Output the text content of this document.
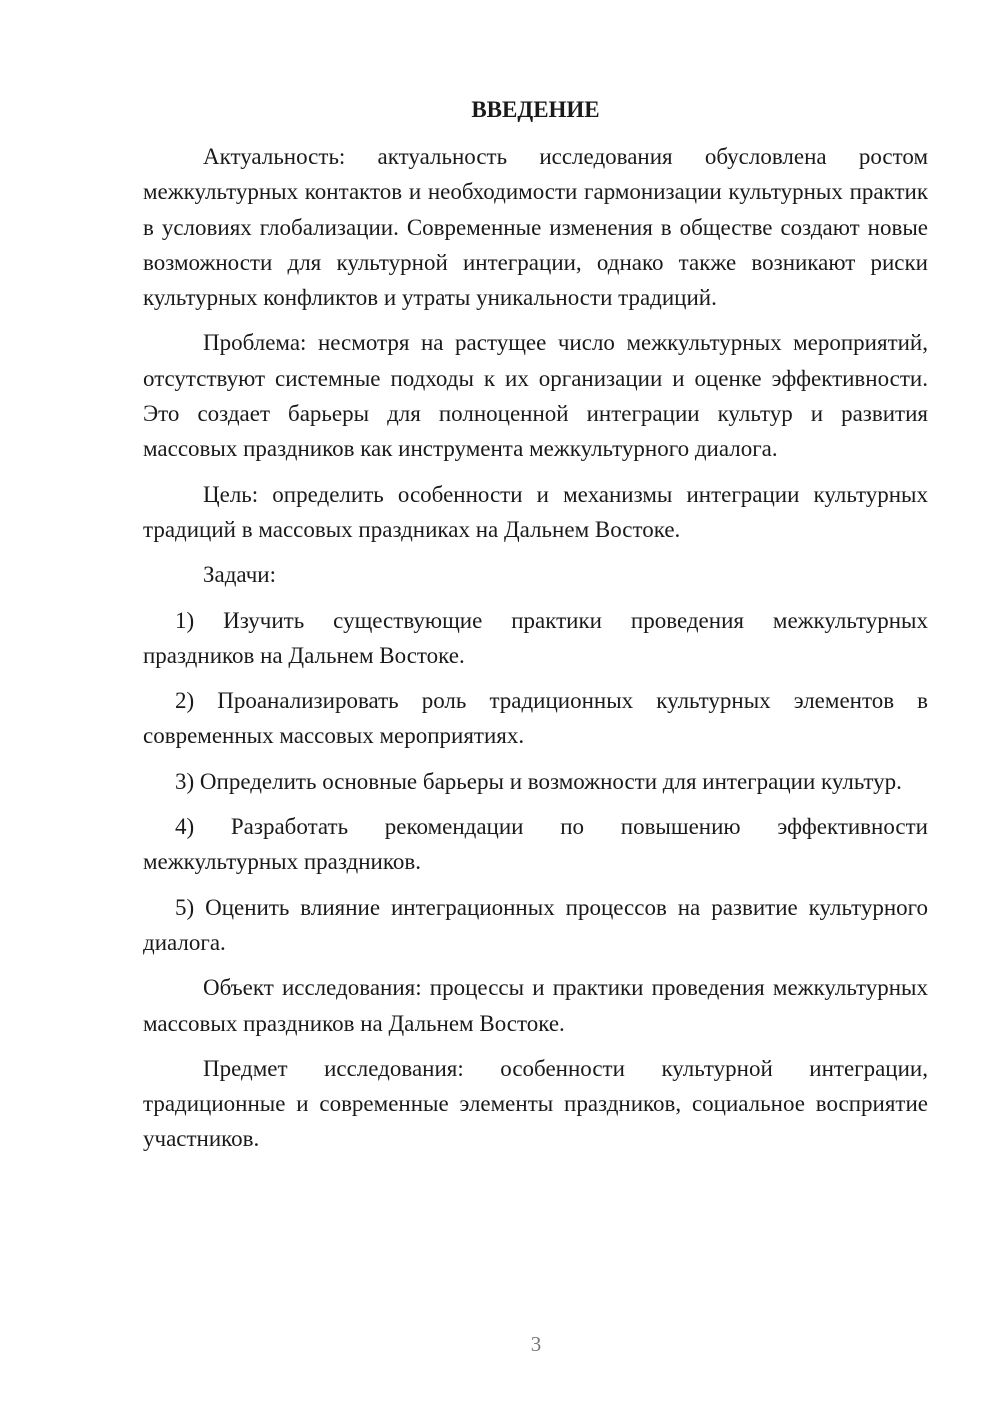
ВВЕДЕНИЕ

Актуальность: актуальность исследования обусловлена ростом межкультурных контактов и необходимости гармонизации культурных практик в условиях глобализации. Современные изменения в обществе создают новые возможности для культурной интеграции, однако также возникают риски культурных конфликтов и утраты уникальности традиций.

Проблема: несмотря на растущее число межкультурных мероприятий, отсутствуют системные подходы к их организации и оценке эффективности. Это создает барьеры для полноценной интеграции культур и развития массовых праздников как инструмента межкультурного диалога.

Цель: определить особенности и механизмы интеграции культурных традиций в массовых праздниках на Дальнем Востоке.

Задачи:

1) Изучить существующие практики проведения межкультурных праздников на Дальнем Востоке.

2) Проанализировать роль традиционных культурных элементов в современных массовых мероприятиях.

3) Определить основные барьеры и возможности для интеграции культур.

4) Разработать рекомендации по повышению эффективности межкультурных праздников.

5) Оценить влияние интеграционных процессов на развитие культурного диалога.

Объект исследования: процессы и практики проведения межкультурных массовых праздников на Дальнем Востоке.

Предмет исследования: особенности культурной интеграции, традиционные и современные элементы праздников, социальное восприятие участников.

3
